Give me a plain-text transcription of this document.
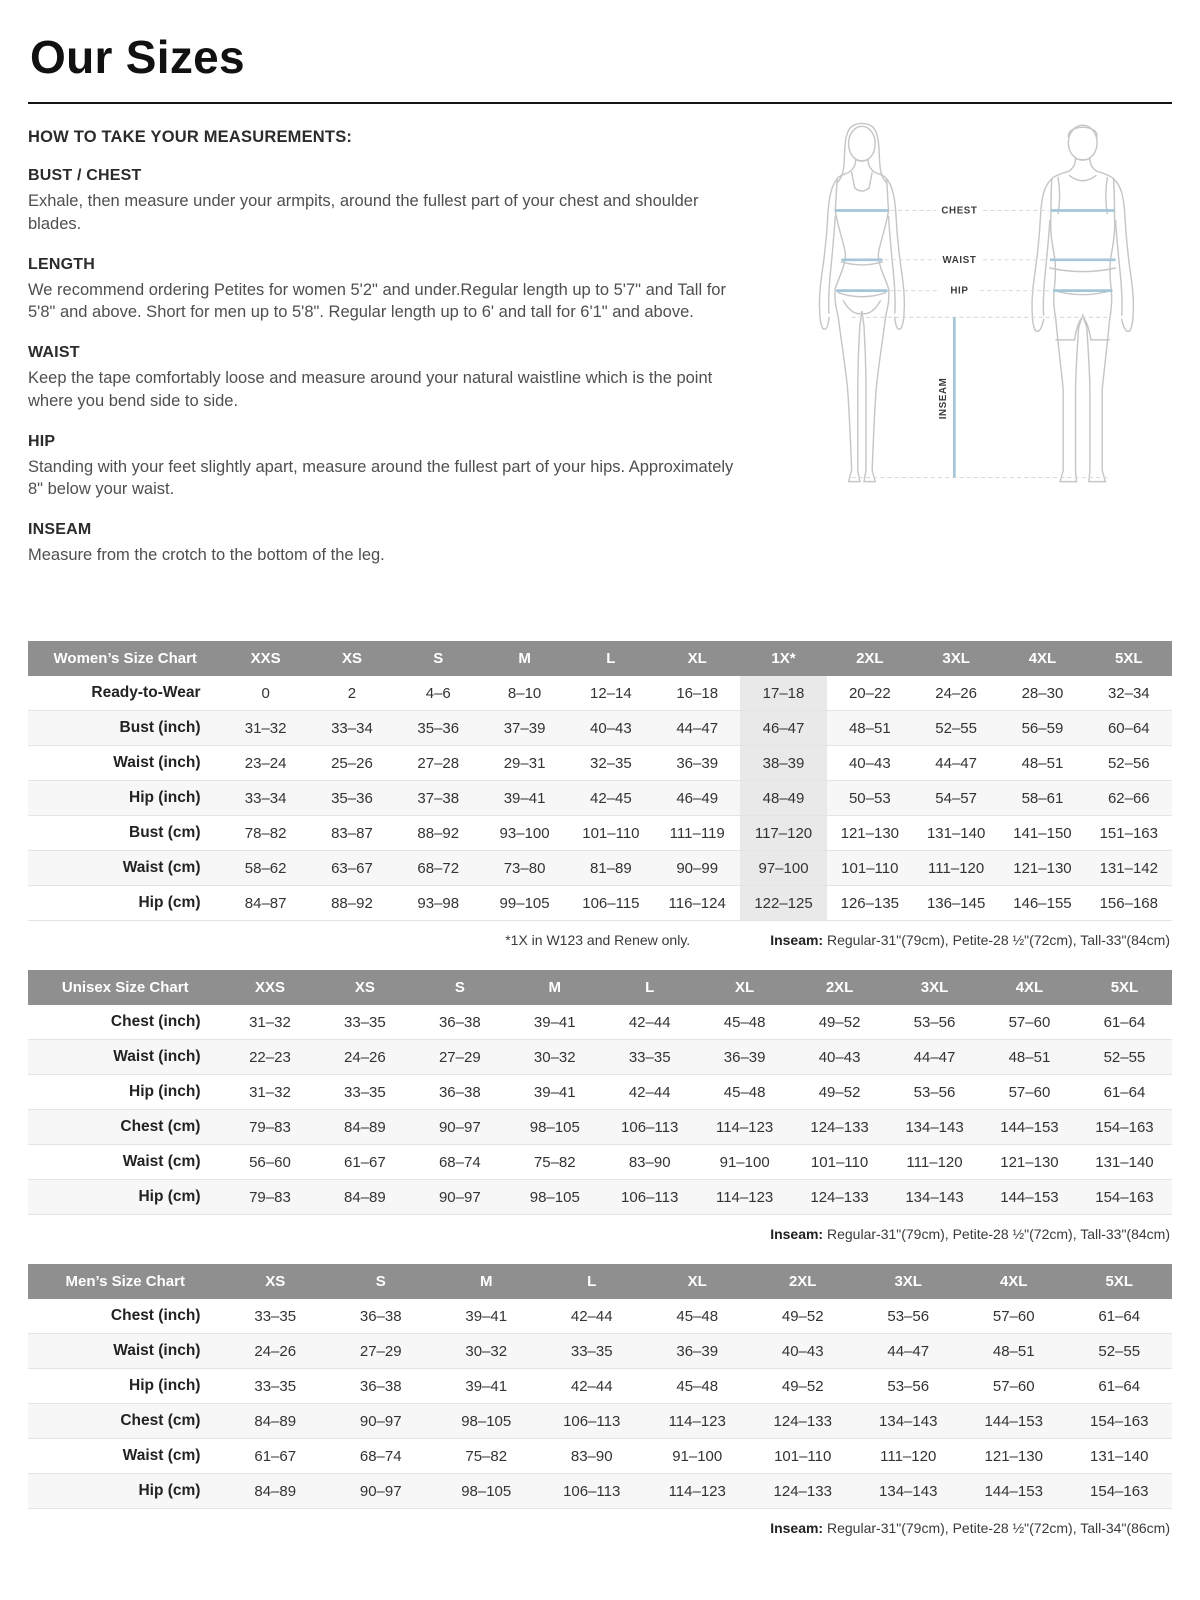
Our Sizes
HOW TO TAKE YOUR MEASUREMENTS:
BUST / CHEST

Exhale, then measure under your armpits, around the fullest part of your chest and shoulder blades.

LENGTH

We recommend ordering Petites for women 5'2" and under.Regular length up to 5'7" and Tall for 5'8" and above. Short for men up to 5'8". Regular length up to 6' and tall for 6'1" and above.

WAIST

Keep the tape comfortably loose and measure around your natural waistline which is the point where you bend side to side.

HIP

Standing with your feet slightly apart, measure around the fullest part of your hips. Approximately 8" below your waist.

INSEAM

Measure from the crotch to the bottom of the leg.

CHEST
WAIST
HIP
INSEAM
Women’s Size Chart	XXS	XS	S	M	L	XL	1X*	2XL	3XL	4XL	5XL
Ready-to-Wear	0	2	4–6	8–10	12–14	16–18	17–18	20–22	24–26	28–30	32–34
Bust (inch)	31–32	33–34	35–36	37–39	40–43	44–47	46–47	48–51	52–55	56–59	60–64
Waist (inch)	23–24	25–26	27–28	29–31	32–35	36–39	38–39	40–43	44–47	48–51	52–56
Hip (inch)	33–34	35–36	37–38	39–41	42–45	46–49	48–49	50–53	54–57	58–61	62–66
Bust (cm)	78–82	83–87	88–92	93–100	101–110	111–119	117–120	121–130	131–140	141–150	151–163
Waist (cm)	58–62	63–67	68–72	73–80	81–89	90–99	97–100	101–110	111–120	121–130	131–142
Hip (cm)	84–87	88–92	93–98	99–105	106–115	116–124	122–125	126–135	136–145	146–155	156–168
*1X in W123 and Renew only.	Inseam: Regular-31"(79cm), Petite-28 ½"(72cm), Tall-33"(84cm)
Unisex Size Chart	XXS	XS	S	M	L	XL	2XL	3XL	4XL	5XL
Chest (inch)	31–32	33–35	36–38	39–41	42–44	45–48	49–52	53–56	57–60	61–64
Waist (inch)	22–23	24–26	27–29	30–32	33–35	36–39	40–43	44–47	48–51	52–55
Hip (inch)	31–32	33–35	36–38	39–41	42–44	45–48	49–52	53–56	57–60	61–64
Chest (cm)	79–83	84–89	90–97	98–105	106–113	114–123	124–133	134–143	144–153	154–163
Waist (cm)	56–60	61–67	68–74	75–82	83–90	91–100	101–110	111–120	121–130	131–140
Hip (cm)	79–83	84–89	90–97	98–105	106–113	114–123	124–133	134–143	144–153	154–163
Inseam: Regular-31"(79cm), Petite-28 ½"(72cm), Tall-33"(84cm)
Men’s Size Chart	XS	S	M	L	XL	2XL	3XL	4XL	5XL
Chest (inch)	33–35	36–38	39–41	42–44	45–48	49–52	53–56	57–60	61–64
Waist (inch)	24–26	27–29	30–32	33–35	36–39	40–43	44–47	48–51	52–55
Hip (inch)	33–35	36–38	39–41	42–44	45–48	49–52	53–56	57–60	61–64
Chest (cm)	84–89	90–97	98–105	106–113	114–123	124–133	134–143	144–153	154–163
Waist (cm)	61–67	68–74	75–82	83–90	91–100	101–110	111–120	121–130	131–140
Hip (cm)	84–89	90–97	98–105	106–113	114–123	124–133	134–143	144–153	154–163
Inseam: Regular-31"(79cm), Petite-28 ½"(72cm), Tall-34"(86cm)
